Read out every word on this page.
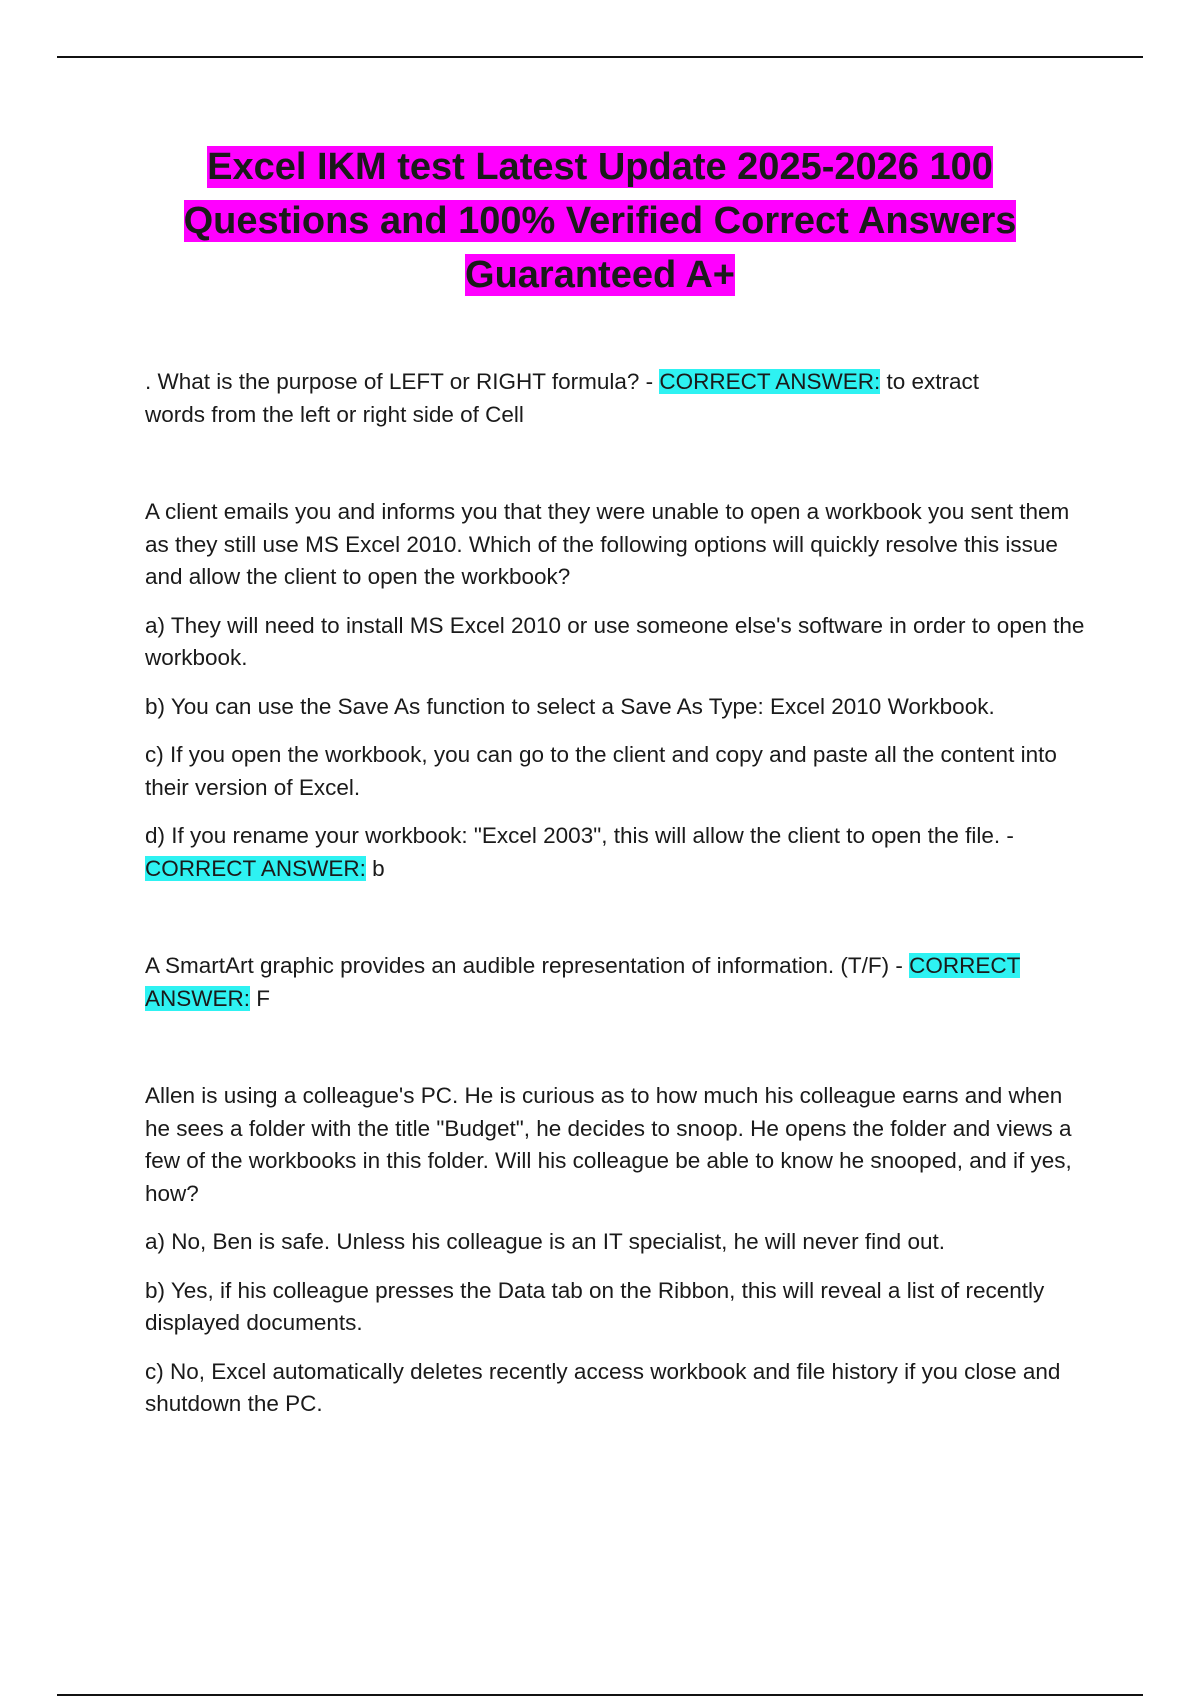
Excel IKM test Latest Update 2025-2026 100
Questions and 100% Verified Correct Answers
Guaranteed A+

. What is the purpose of LEFT or RIGHT formula? - CORRECT ANSWER: to extract
words from the left or right side of Cell

A client emails you and informs you that they were unable to open a workbook you sent them as they still use MS Excel 2010. Which of the following options will quickly resolve this issue and allow the client to open the workbook?

a) They will need to install MS Excel 2010 or use someone else's software in order to open the workbook.

b) You can use the Save As function to select a Save As Type: Excel 2010 Workbook.

c) If you open the workbook, you can go to the client and copy and paste all the content into their version of Excel.

d) If you rename your workbook: "Excel 2003", this will allow the client to open the file. -
CORRECT ANSWER: b

A SmartArt graphic provides an audible representation of information. (T/F) - CORRECT
ANSWER: F

Allen is using a colleague's PC. He is curious as to how much his colleague earns and when he sees a folder with the title "Budget", he decides to snoop. He opens the folder and views a few of the workbooks in this folder. Will his colleague be able to know he snooped, and if yes, how?

a) No, Ben is safe. Unless his colleague is an IT specialist, he will never find out.

b) Yes, if his colleague presses the Data tab on the Ribbon, this will reveal a list of recently displayed documents.

c) No, Excel automatically deletes recently access workbook and file history if you close and shutdown the PC.
